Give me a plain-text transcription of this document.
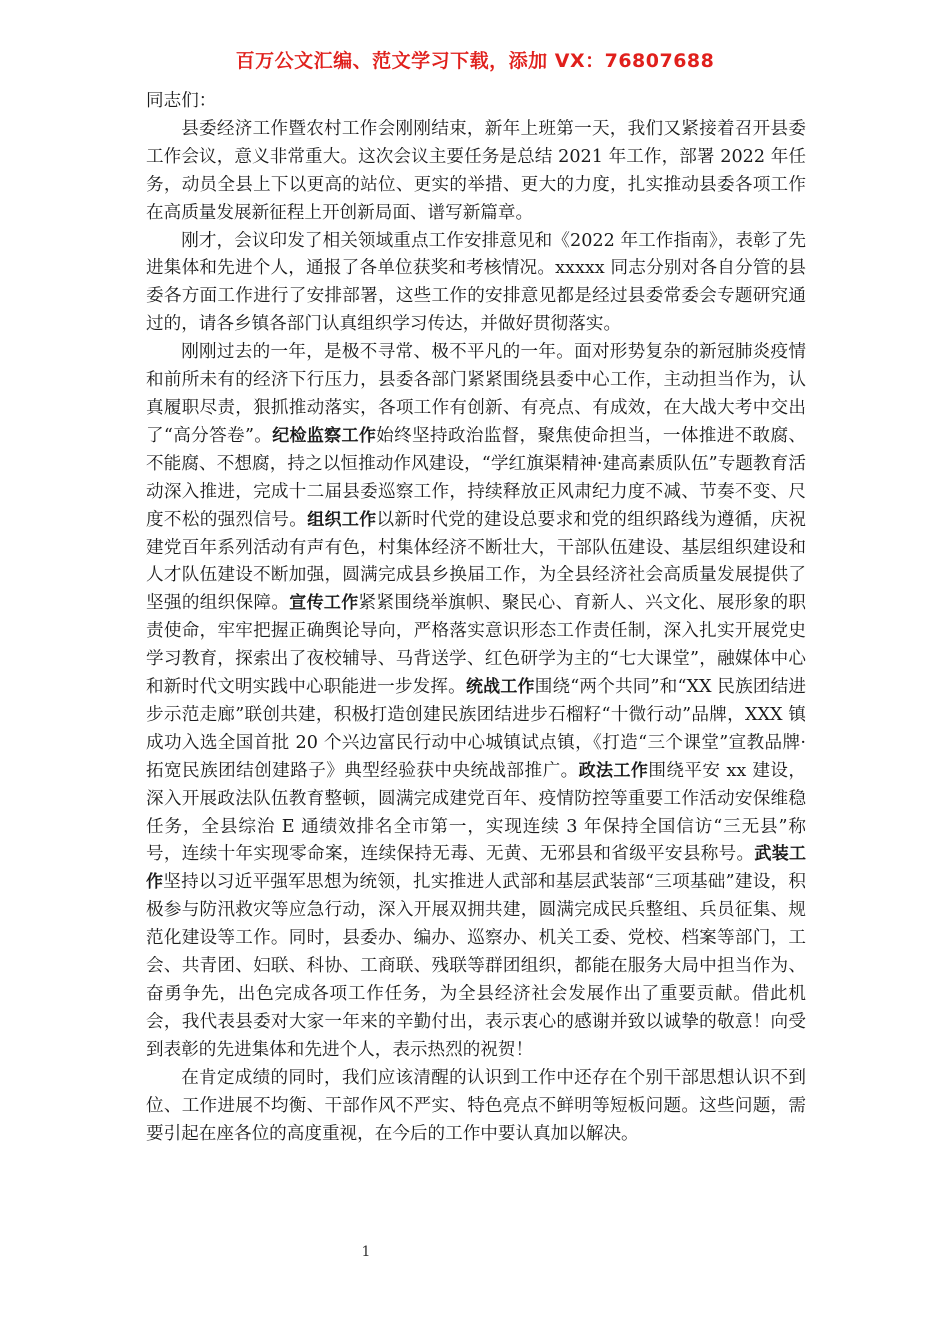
百万公文汇编、范文学习下载，添加 VX：76807688

同志们：

县委经济工作暨农村工作会刚刚结束，新年上班第一天，我们又紧接着召开县委工作会议，意义非常重大。这次会议主要任务是总结 2021 年工作，部署 2022 年任务，动员全县上下以更高的站位、更实的举措、更大的力度，扎实推动县委各项工作在高质量发展新征程上开创新局面、谱写新篇章。

刚才，会议印发了相关领域重点工作安排意见和《2022 年工作指南》，表彰了先进集体和先进个人，通报了各单位获奖和考核情况。xxxxx 同志分别对各自分管的县委各方面工作进行了安排部署，这些工作的安排意见都是经过县委常委会专题研究通过的，请各乡镇各部门认真组织学习传达，并做好贯彻落实。

刚刚过去的一年，是极不寻常、极不平凡的一年。面对形势复杂的新冠肺炎疫情和前所未有的经济下行压力，县委各部门紧紧围绕县委中心工作，主动担当作为，认真履职尽责，狠抓推动落实，各项工作有创新、有亮点、有成效，在大战大考中交出了“高分答卷”。纪检监察工作始终坚持政治监督，聚焦使命担当，一体推进不敢腐、不能腐、不想腐，持之以恒推动作风建设，“学红旗渠精神·建高素质队伍”专题教育活动深入推进，完成十二届县委巡察工作，持续释放正风肃纪力度不减、节奏不变、尺度不松的强烈信号。组织工作以新时代党的建设总要求和党的组织路线为遵循，庆祝建党百年系列活动有声有色，村集体经济不断壮大，干部队伍建设、基层组织建设和人才队伍建设不断加强，圆满完成县乡换届工作，为全县经济社会高质量发展提供了坚强的组织保障。宣传工作紧紧围绕举旗帜、聚民心、育新人、兴文化、展形象的职责使命，牢牢把握正确舆论导向，严格落实意识形态工作责任制，深入扎实开展党史学习教育，探索出了夜校辅导、马背送学、红色研学为主的“七大课堂”，融媒体中心和新时代文明实践中心职能进一步发挥。统战工作围绕“两个共同”和“XX 民族团结进步示范走廊”联创共建，积极打造创建民族团结进步石榴籽“十微行动”品牌，XXX 镇成功入选全国首批 20 个兴边富民行动中心城镇试点镇，《打造“三个课堂”宣教品牌·拓宽民族团结创建路子》典型经验获中央统战部推广。政法工作围绕平安 xx 建设，深入开展政法队伍教育整顿，圆满完成建党百年、疫情防控等重要工作活动安保维稳任务，全县综治 E 通绩效排名全市第一，实现连续 3 年保持全国信访“三无县”称号，连续十年实现零命案，连续保持无毒、无黄、无邪县和省级平安县称号。武装工作坚持以习近平强军思想为统领，扎实推进人武部和基层武装部“三项基础”建设，积极参与防汛救灾等应急行动，深入开展双拥共建，圆满完成民兵整组、兵员征集、规范化建设等工作。同时，县委办、编办、巡察办、机关工委、党校、档案等部门，工会、共青团、妇联、科协、工商联、残联等群团组织，都能在服务大局中担当作为、奋勇争先，出色完成各项工作任务，为全县经济社会发展作出了重要贡献。借此机会，我代表县委对大家一年来的辛勤付出，表示衷心的感谢并致以诚挚的敬意！向受到表彰的先进集体和先进个人，表示热烈的祝贺！

在肯定成绩的同时，我们应该清醒的认识到工作中还存在个别干部思想认识不到位、工作进展不均衡、干部作风不严实、特色亮点不鲜明等短板问题。这些问题，需要引起在座各位的高度重视，在今后的工作中要认真加以解决。

1
